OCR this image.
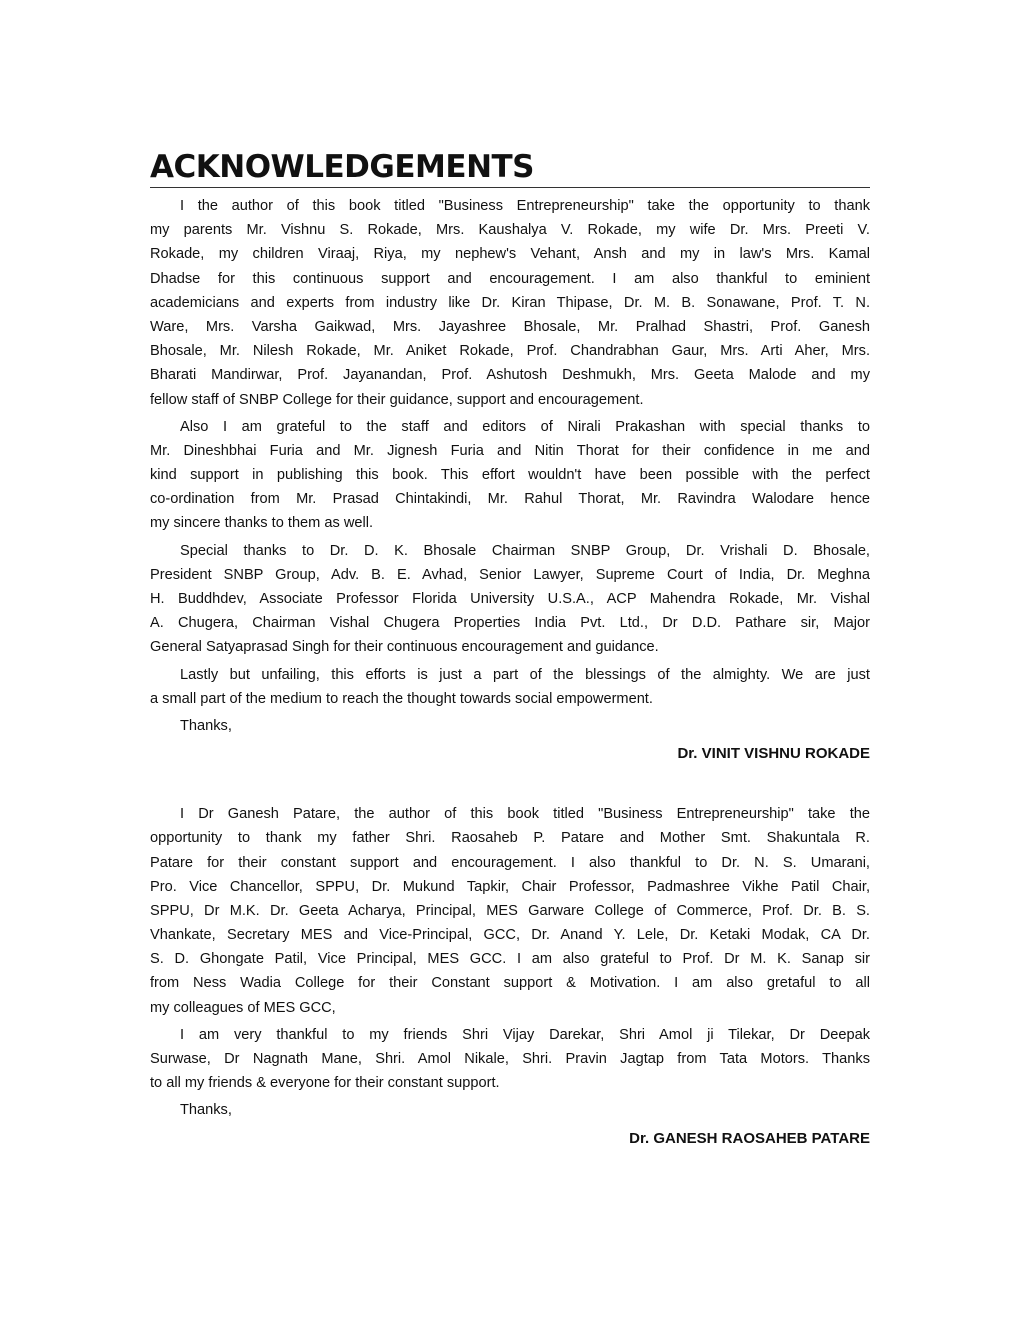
ACKNOWLEDGEMENTS
I the author of this book titled "Business Entrepreneurship" take the opportunity to thank
my parents Mr. Vishnu S. Rokade, Mrs. Kaushalya V. Rokade, my wife Dr. Mrs. Preeti V.
Rokade, my children Viraaj, Riya, my nephew's Vehant, Ansh and my in law's Mrs. Kamal
Dhadse for this continuous support and encouragement. I am also thankful to eminient
academicians and experts from industry like Dr. Kiran Thipase, Dr. M. B. Sonawane, Prof. T. N.
Ware, Mrs. Varsha Gaikwad, Mrs. Jayashree Bhosale, Mr. Pralhad Shastri, Prof. Ganesh
Bhosale, Mr. Nilesh Rokade, Mr. Aniket Rokade, Prof. Chandrabhan Gaur, Mrs. Arti Aher, Mrs.
Bharati Mandirwar, Prof. Jayanandan, Prof. Ashutosh Deshmukh, Mrs. Geeta Malode and my
fellow staff of SNBP College for their guidance, support and encouragement.
Also I am grateful to the staff and editors of Nirali Prakashan with special thanks to
Mr. Dineshbhai Furia and Mr. Jignesh Furia and Nitin Thorat for their confidence in me and
kind support in publishing this book. This effort wouldn't have been possible with the perfect
co-ordination from Mr. Prasad Chintakindi, Mr. Rahul Thorat, Mr. Ravindra Walodare hence
my sincere thanks to them as well.
Special thanks to Dr. D. K. Bhosale Chairman SNBP Group, Dr. Vrishali D. Bhosale,
President SNBP Group, Adv. B. E. Avhad, Senior Lawyer, Supreme Court of India, Dr. Meghna
H. Buddhdev, Associate Professor Florida University U.S.A., ACP Mahendra Rokade, Mr. Vishal
A. Chugera, Chairman Vishal Chugera Properties India Pvt. Ltd., Dr D.D. Pathare sir, Major
General Satyaprasad Singh for their continuous encouragement and guidance.
Lastly but unfailing, this efforts is just a part of the blessings of the almighty. We are just
a small part of the medium to reach the thought towards social empowerment.
Thanks,
Dr. VINIT VISHNU ROKADE
I Dr Ganesh Patare, the author of this book titled "Business Entrepreneurship" take the
opportunity to thank my father Shri. Raosaheb P. Patare and Mother Smt. Shakuntala R.
Patare for their constant support and encouragement. I also thankful to Dr. N. S. Umarani,
Pro. Vice Chancellor, SPPU, Dr. Mukund Tapkir, Chair Professor, Padmashree Vikhe Patil Chair,
SPPU, Dr M.K. Dr. Geeta Acharya, Principal, MES Garware College of Commerce, Prof. Dr. B. S.
Vhankate, Secretary MES and Vice-Principal, GCC, Dr. Anand Y. Lele, Dr. Ketaki Modak, CA Dr.
S. D. Ghongate Patil, Vice Principal, MES GCC. I am also grateful to Prof. Dr M. K. Sanap sir
from Ness Wadia College for their Constant support & Motivation. I am also gretaful to all
my colleagues of MES GCC,
I am very thankful to my friends Shri Vijay Darekar, Shri Amol ji Tilekar, Dr Deepak
Surwase, Dr Nagnath Mane, Shri. Amol Nikale, Shri. Pravin Jagtap from Tata Motors. Thanks
to all my friends & everyone for their constant support.
Thanks,
Dr. GANESH RAOSAHEB PATARE
